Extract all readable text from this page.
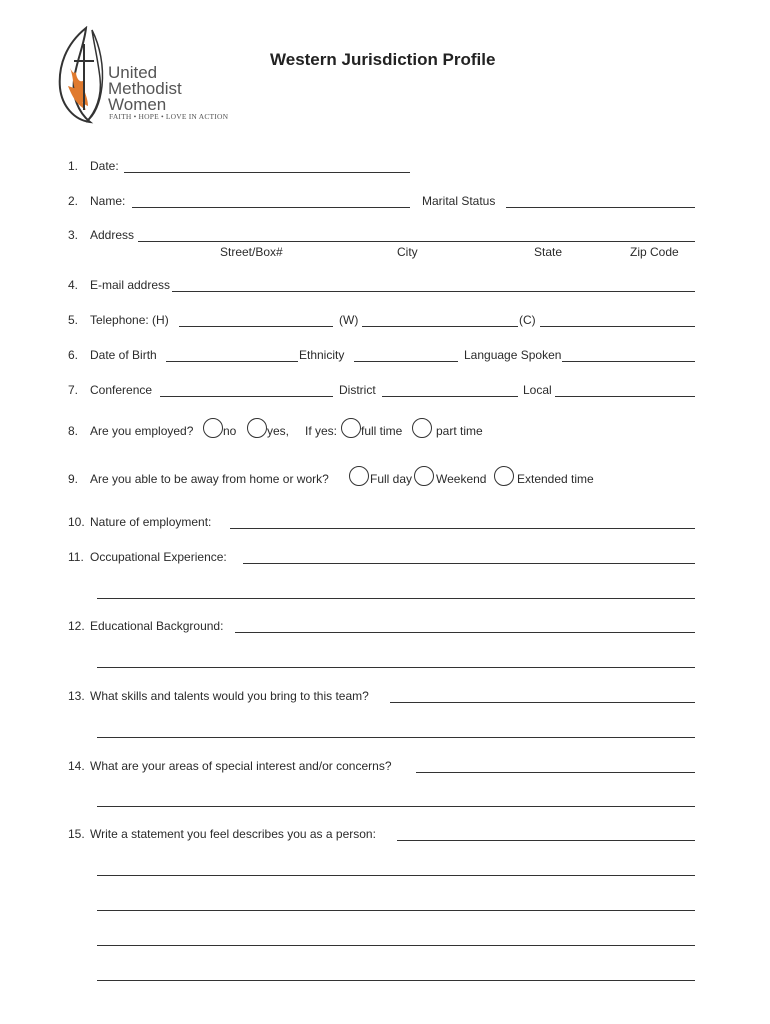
United
Methodist
Women
FAITH • HOPE • LOVE IN ACTION
Western Jurisdiction Profile
1. Date:
2. Name:	Marital Status
3. Address
Street/Box#	City	State	Zip Code
4. E-mail address
5. Telephone: (H)	(W)	(C)
6. Date of Birth	Ethnicity	Language Spoken
7. Conference	District	Local
8. Are you employed? no	yes, If yes: full time	part time
9. Are you able to be away from home or work?	Full day Weekend	Extended time
10. Nature of employment:
11. Occupational Experience:
12. Educational Background:
13. What skills and talents would you bring to this team?
14. What are your areas of special interest and/or concerns?
15. Write a statement you feel describes you as a person:
